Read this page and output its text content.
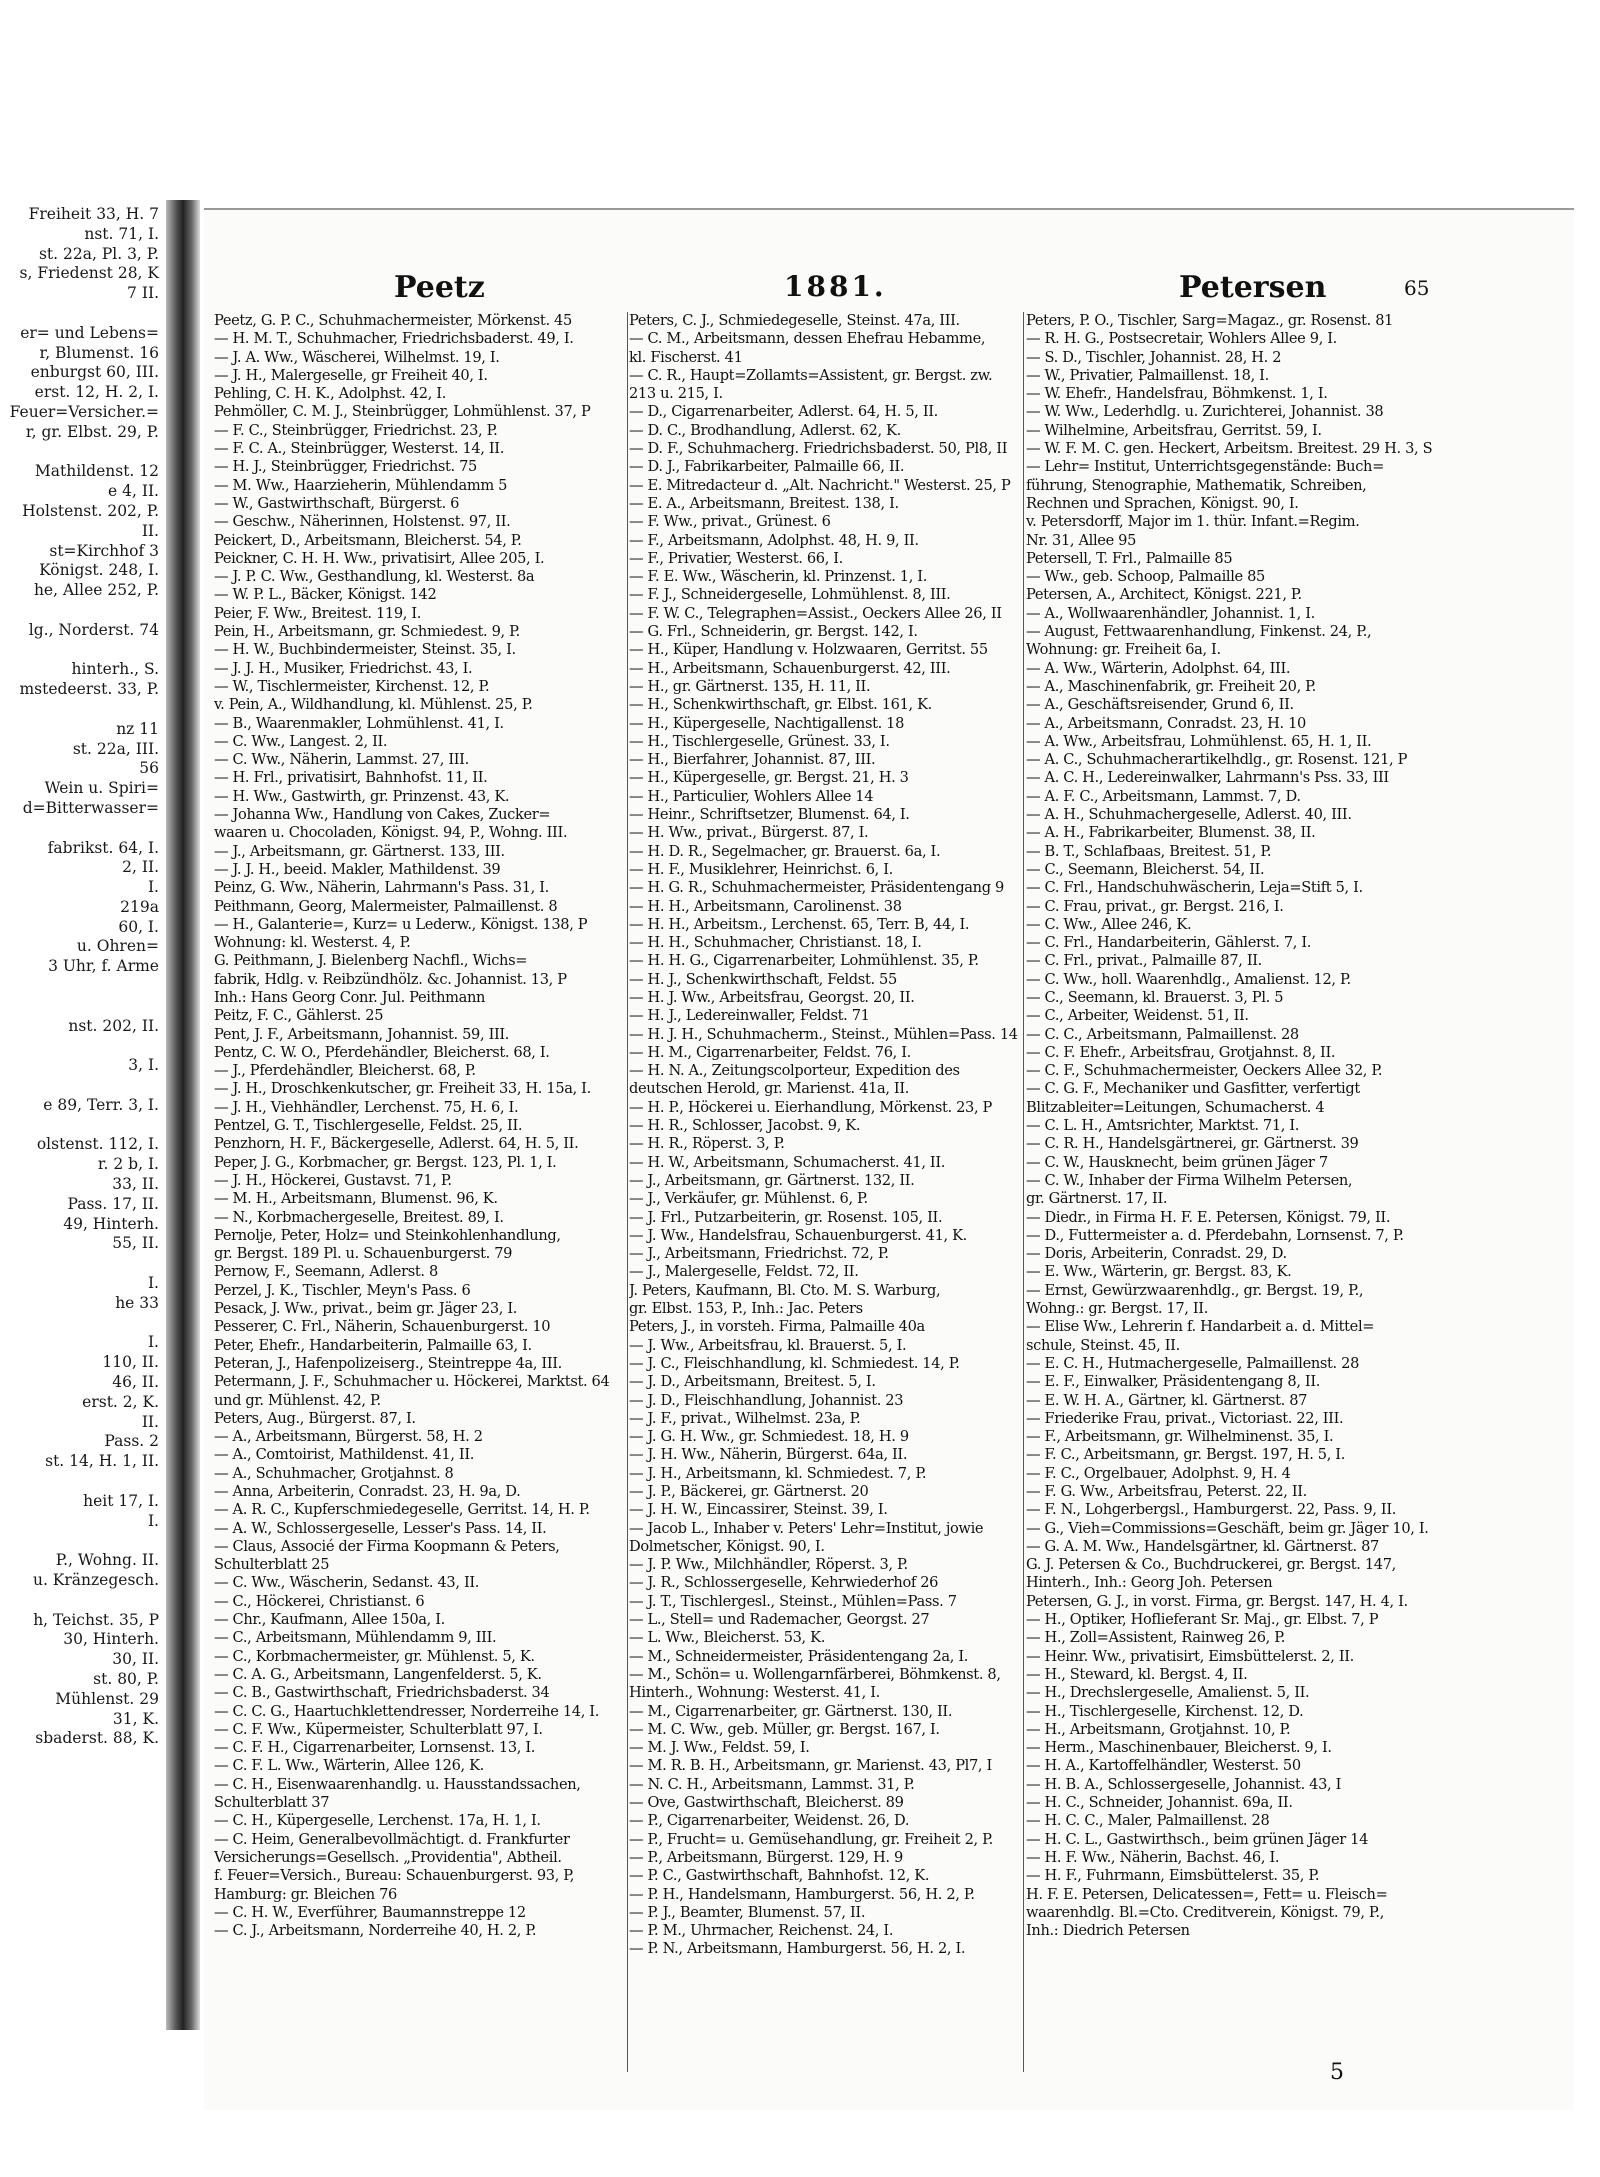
Freiheit 33, H. 7
nst. 71, I.
st. 22a, Pl. 3, P.
s, Friedenst 28, K
7 II.

er= und Lebens=
r, Blumenst. 16
enburgst 60, III.
erst. 12, H. 2, I.
Feuer=Versicher.=
r, gr. Elbst. 29, P.

Mathildenst. 12
e 4, II.
Holstenst. 202, P.
II.
st=Kirchhof 3
Königst. 248, I.
he, Allee 252, P.

lg., Norderst. 74

hinterh., S.
mstedeerst. 33, P.

nz 11
st. 22a, III.
56
Wein u. Spiri=
d=Bitterwasser=

fabrikst. 64, I.
2, II.
I.
219a
60, I.
u. Ohren=
3 Uhr, f. Arme

nst. 202, II.

3, I.

e 89, Terr. 3, I.

olstenst. 112, I.
r. 2 b, I.
33, II.
Pass. 17, II.
49, Hinterh.
55, II.

I.
he 33

I.
110, II.
46, II.
erst. 2, K.
II.
Pass. 2
st. 14, H. 1, II.

heit 17, I.
I.

P., Wohng. II.
u. Kränzegesch.

h, Teichst. 35, P
30, Hinterh.
30, II.
st. 80, P.
Mühlenst. 29
31, K.
sbaderst. 88, K.
Peetz	1881.	Petersen	65
Peetz, G. P. C., Schuhmachermeister, Mörkenst. 45
— H. M. T., Schuhmacher, Friedrichsbaderst. 49, I.
— J. A. Ww., Wäscherei, Wilhelmst. 19, I.
— J. H., Malergeselle, gr Freiheit 40, I.
Pehling, C. H. K., Adolphst. 42, I.
Pehmöller, C. M. J., Steinbrügger, Lohmühlenst. 37, P
— F. C., Steinbrügger, Friedrichst. 23, P.
— F. C. A., Steinbrügger, Westerst. 14, II.
— H. J., Steinbrügger, Friedrichst. 75
— M. Ww., Haarzieherin, Mühlendamm 5
— W., Gastwirthschaft, Bürgerst. 6
— Geschw., Näherinnen, Holstenst. 97, II.
Peickert, D., Arbeitsmann, Bleicherst. 54, P.
Peickner, C. H. H. Ww., privatisirt, Allee 205, I.
— J. P. C. Ww., Gesthandlung, kl. Westerst. 8a
— W. P. L., Bäcker, Königst. 142
Peier, F. Ww., Breitest. 119, I.
Pein, H., Arbeitsmann, gr. Schmiedest. 9, P.
— H. W., Buchbindermeister, Steinst. 35, I.
— J. J. H., Musiker, Friedrichst. 43, I.
— W., Tischlermeister, Kirchenst. 12, P.
v. Pein, A., Wildhandlung, kl. Mühlenst. 25, P.
— B., Waarenmakler, Lohmühlenst. 41, I.
— C. Ww., Langest. 2, II.
— C. Ww., Näherin, Lammst. 27, III.
— H. Frl., privatisirt, Bahnhofst. 11, II.
— H. Ww., Gastwirth, gr. Prinzenst. 43, K.
— Johanna Ww., Handlung von Cakes, Zucker=
waaren u. Chocoladen, Königst. 94, P., Wohng. III.
— J., Arbeitsmann, gr. Gärtnerst. 133, III.
— J. J. H., beeid. Makler, Mathildenst. 39
Peinz, G. Ww., Näherin, Lahrmann's Pass. 31, I.
Peithmann, Georg, Malermeister, Palmaillenst. 8
— H., Galanterie=, Kurz= u Lederw., Königst. 138, P
Wohnung: kl. Westerst. 4, P.
G. Peithmann, J. Bielenberg Nachfl., Wichs=
fabrik, Hdlg. v. Reibzündhölz. &c. Johannist. 13, P
Inh.: Hans Georg Conr. Jul. Peithmann
Peitz, F. C., Gählerst. 25
Pent, J. F., Arbeitsmann, Johannist. 59, III.
Pentz, C. W. O., Pferdehändler, Bleicherst. 68, I.
— J., Pferdehändler, Bleicherst. 68, P.
— J. H., Droschkenkutscher, gr. Freiheit 33, H. 15a, I.
— J. H., Viehhändler, Lerchenst. 75, H. 6, I.
Pentzel, G. T., Tischlergeselle, Feldst. 25, II.
Penzhorn, H. F., Bäckergeselle, Adlerst. 64, H. 5, II.
Peper, J. G., Korbmacher, gr. Bergst. 123, Pl. 1, I.
— J. H., Höckerei, Gustavst. 71, P.
— M. H., Arbeitsmann, Blumenst. 96, K.
— N., Korbmachergeselle, Breitest. 89, I.
Pernolje, Peter, Holz= und Steinkohlenhandlung,
gr. Bergst. 189 Pl. u. Schauenburgerst. 79
Pernow, F., Seemann, Adlerst. 8
Perzel, J. K., Tischler, Meyn's Pass. 6
Pesack, J. Ww., privat., beim gr. Jäger 23, I.
Pesserer, C. Frl., Näherin, Schauenburgerst. 10
Peter, Ehefr., Handarbeiterin, Palmaille 63, I.
Peteran, J., Hafenpolizeiserg., Steintreppe 4a, III.
Petermann, J. F., Schuhmacher u. Höckerei, Marktst. 64
und gr. Mühlenst. 42, P.
Peters, Aug., Bürgerst. 87, I.
— A., Arbeitsmann, Bürgerst. 58, H. 2
— A., Comtoirist, Mathildenst. 41, II.
— A., Schuhmacher, Grotjahnst. 8
— Anna, Arbeiterin, Conradst. 23, H. 9a, D.
— A. R. C., Kupferschmiedegeselle, Gerritst. 14, H. P.
— A. W., Schlossergeselle, Lesser's Pass. 14, II.
— Claus, Associé der Firma Koopmann & Peters,
Schulterblatt 25
— C. Ww., Wäscherin, Sedanst. 43, II.
— C., Höckerei, Christianst. 6
— Chr., Kaufmann, Allee 150a, I.
— C., Arbeitsmann, Mühlendamm 9, III.
— C., Korbmachermeister, gr. Mühlenst. 5, K.
— C. A. G., Arbeitsmann, Langenfelderst. 5, K.
— C. B., Gastwirthschaft, Friedrichsbaderst. 34
— C. C. G., Haartuchklettendresser, Norderreihe 14, I.
— C. F. Ww., Küpermeister, Schulterblatt 97, I.
— C. F. H., Cigarrenarbeiter, Lornsenst. 13, I.
— C. F. L. Ww., Wärterin, Allee 126, K.
— C. H., Eisenwaarenhandlg. u. Hausstandssachen,
Schulterblatt 37
— C. H., Küpergeselle, Lerchenst. 17a, H. 1, I.
— C. Heim, Generalbevollmächtigt. d. Frankfurter
Versicherungs=Gesellsch. „Providentia", Abtheil.
f. Feuer=Versich., Bureau: Schauenburgerst. 93, P,
Hamburg: gr. Bleichen 76
— C. H. W., Everführer, Baumannstreppe 12
— C. J., Arbeitsmann, Norderreihe 40, H. 2, P.
Peters, C. J., Schmiedegeselle, Steinst. 47a, III.
— C. M., Arbeitsmann, dessen Ehefrau Hebamme,
kl. Fischerst. 41
— C. R., Haupt=Zollamts=Assistent, gr. Bergst. zw.
213 u. 215, I.
— D., Cigarrenarbeiter, Adlerst. 64, H. 5, II.
— D. C., Brodhandlung, Adlerst. 62, K.
— D. F., Schuhmacherg. Friedrichsbaderst. 50, Pl8, II
— D. J., Fabrikarbeiter, Palmaille 66, II.
— E. Mitredacteur d. „Alt. Nachricht." Westerst. 25, P
— E. A., Arbeitsmann, Breitest. 138, I.
— F. Ww., privat., Grünest. 6
— F., Arbeitsmann, Adolphst. 48, H. 9, II.
— F., Privatier, Westerst. 66, I.
— F. E. Ww., Wäscherin, kl. Prinzenst. 1, I.
— F. J., Schneidergeselle, Lohmühlenst. 8, III.
— F. W. C., Telegraphen=Assist., Oeckers Allee 26, II
— G. Frl., Schneiderin, gr. Bergst. 142, I.
— H., Küper, Handlung v. Holzwaaren, Gerritst. 55
— H., Arbeitsmann, Schauenburgerst. 42, III.
— H., gr. Gärtnerst. 135, H. 11, II.
— H., Schenkwirthschaft, gr. Elbst. 161, K.
— H., Küpergeselle, Nachtigallenst. 18
— H., Tischlergeselle, Grünest. 33, I.
— H., Bierfahrer, Johannist. 87, III.
— H., Küpergeselle, gr. Bergst. 21, H. 3
— H., Particulier, Wohlers Allee 14
— Heinr., Schriftsetzer, Blumenst. 64, I.
— H. Ww., privat., Bürgerst. 87, I.
— H. D. R., Segelmacher, gr. Brauerst. 6a, I.
— H. F., Musiklehrer, Heinrichst. 6, I.
— H. G. R., Schuhmachermeister, Präsidentengang 9
— H. H., Arbeitsmann, Carolinenst. 38
— H. H., Arbeitsm., Lerchenst. 65, Terr. B, 44, I.
— H. H., Schuhmacher, Christianst. 18, I.
— H. H. G., Cigarrenarbeiter, Lohmühlenst. 35, P.
— H. J., Schenkwirthschaft, Feldst. 55
— H. J. Ww., Arbeitsfrau, Georgst. 20, II.
— H. J., Ledereinwaller, Feldst. 71
— H. J. H., Schuhmacherm., Steinst., Mühlen=Pass. 14
— H. M., Cigarrenarbeiter, Feldst. 76, I.
— H. N. A., Zeitungscolporteur, Expedition des
deutschen Herold, gr. Marienst. 41a, II.
— H. P., Höckerei u. Eierhandlung, Mörkenst. 23, P
— H. R., Schlosser, Jacobst. 9, K.
— H. R., Röperst. 3, P.
— H. W., Arbeitsmann, Schumacherst. 41, II.
— J., Arbeitsmann, gr. Gärtnerst. 132, II.
— J., Verkäufer, gr. Mühlenst. 6, P.
— J. Frl., Putzarbeiterin, gr. Rosenst. 105, II.
— J. Ww., Handelsfrau, Schauenburgerst. 41, K.
— J., Arbeitsmann, Friedrichst. 72, P.
— J., Malergeselle, Feldst. 72, II.
J. Peters, Kaufmann, Bl. Cto. M. S. Warburg,
gr. Elbst. 153, P., Inh.: Jac. Peters
Peters, J., in vorsteh. Firma, Palmaille 40a
— J. Ww., Arbeitsfrau, kl. Brauerst. 5, I.
— J. C., Fleischhandlung, kl. Schmiedest. 14, P.
— J. D., Arbeitsmann, Breitest. 5, I.
— J. D., Fleischhandlung, Johannist. 23
— J. F., privat., Wilhelmst. 23a, P.
— J. G. H. Ww., gr. Schmiedest. 18, H. 9
— J. H. Ww., Näherin, Bürgerst. 64a, II.
— J. H., Arbeitsmann, kl. Schmiedest. 7, P.
— J. P., Bäckerei, gr. Gärtnerst. 20
— J. H. W., Eincassirer, Steinst. 39, I.
— Jacob L., Inhaber v. Peters' Lehr=Institut, jowie
Dolmetscher, Königst. 90, I.
— J. P. Ww., Milchhändler, Röperst. 3, P.
— J. R., Schlossergeselle, Kehrwiederhof 26
— J. T., Tischlergesl., Steinst., Mühlen=Pass. 7
— L., Stell= und Rademacher, Georgst. 27
— L. Ww., Bleicherst. 53, K.
— M., Schneidermeister, Präsidentengang 2a, I.
— M., Schön= u. Wollengarnfärberei, Böhmkenst. 8,
Hinterh., Wohnung: Westerst. 41, I.
— M., Cigarrenarbeiter, gr. Gärtnerst. 130, II.
— M. C. Ww., geb. Müller, gr. Bergst. 167, I.
— M. J. Ww., Feldst. 59, I.
— M. R. B. H., Arbeitsmann, gr. Marienst. 43, Pl7, I
— N. C. H., Arbeitsmann, Lammst. 31, P.
— Ove, Gastwirthschaft, Bleicherst. 89
— P., Cigarrenarbeiter, Weidenst. 26, D.
— P., Frucht= u. Gemüsehandlung, gr. Freiheit 2, P.
— P., Arbeitsmann, Bürgerst. 129, H. 9
— P. C., Gastwirthschaft, Bahnhofst. 12, K.
— P. H., Handelsmann, Hamburgerst. 56, H. 2, P.
— P. J., Beamter, Blumenst. 57, II.
— P. M., Uhrmacher, Reichenst. 24, I.
— P. N., Arbeitsmann, Hamburgerst. 56, H. 2, I.
Peters, P. O., Tischler, Sarg=Magaz., gr. Rosenst. 81
— R. H. G., Postsecretair, Wohlers Allee 9, I.
— S. D., Tischler, Johannist. 28, H. 2
— W., Privatier, Palmaillenst. 18, I.
— W. Ehefr., Handelsfrau, Böhmkenst. 1, I.
— W. Ww., Lederhdlg. u. Zurichterei, Johannist. 38
— Wilhelmine, Arbeitsfrau, Gerritst. 59, I.
— W. F. M. C. gen. Heckert, Arbeitsm. Breitest. 29 H. 3, S
— Lehr= Institut, Unterrichtsgegenstände: Buch=
führung, Stenographie, Mathematik, Schreiben,
Rechnen und Sprachen, Königst. 90, I.
v. Petersdorff, Major im 1. thür. Infant.=Regim.
Nr. 31, Allee 95
Petersell, T. Frl., Palmaille 85
— Ww., geb. Schoop, Palmaille 85
Petersen, A., Architect, Königst. 221, P.
— A., Wollwaarenhändler, Johannist. 1, I.
— August, Fettwaarenhandlung, Finkenst. 24, P.,
Wohnung: gr. Freiheit 6a, I.
— A. Ww., Wärterin, Adolphst. 64, III.
— A., Maschinenfabrik, gr. Freiheit 20, P.
— A., Geschäftsreisender, Grund 6, II.
— A., Arbeitsmann, Conradst. 23, H. 10
— A. Ww., Arbeitsfrau, Lohmühlenst. 65, H. 1, II.
— A. C., Schuhmacherartikelhdlg., gr. Rosenst. 121, P
— A. C. H., Ledereinwalker, Lahrmann's Pss. 33, III
— A. F. C., Arbeitsmann, Lammst. 7, D.
— A. H., Schuhmachergeselle, Adlerst. 40, III.
— A. H., Fabrikarbeiter, Blumenst. 38, II.
— B. T., Schlafbaas, Breitest. 51, P.
— C., Seemann, Bleicherst. 54, II.
— C. Frl., Handschuhwäscherin, Leja=Stift 5, I.
— C. Frau, privat., gr. Bergst. 216, I.
— C. Ww., Allee 246, K.
— C. Frl., Handarbeiterin, Gählerst. 7, I.
— C. Frl., privat., Palmaille 87, II.
— C. Ww., holl. Waarenhdlg., Amalienst. 12, P.
— C., Seemann, kl. Brauerst. 3, Pl. 5
— C., Arbeiter, Weidenst. 51, II.
— C. C., Arbeitsmann, Palmaillenst. 28
— C. F. Ehefr., Arbeitsfrau, Grotjahnst. 8, II.
— C. F., Schuhmachermeister, Oeckers Allee 32, P.
— C. G. F., Mechaniker und Gasfitter, verfertigt
Blitzableiter=Leitungen, Schumacherst. 4
— C. L. H., Amtsrichter, Marktst. 71, I.
— C. R. H., Handelsgärtnerei, gr. Gärtnerst. 39
— C. W., Hausknecht, beim grünen Jäger 7
— C. W., Inhaber der Firma Wilhelm Petersen,
gr. Gärtnerst. 17, II.
— Diedr., in Firma H. F. E. Petersen, Königst. 79, II.
— D., Futtermeister a. d. Pferdebahn, Lornsenst. 7, P.
— Doris, Arbeiterin, Conradst. 29, D.
— E. Ww., Wärterin, gr. Bergst. 83, K.
— Ernst, Gewürzwaarenhdlg., gr. Bergst. 19, P.,
Wohng.: gr. Bergst. 17, II.
— Elise Ww., Lehrerin f. Handarbeit a. d. Mittel=
schule, Steinst. 45, II.
— E. C. H., Hutmachergeselle, Palmaillenst. 28
— E. F., Einwalker, Präsidentengang 8, II.
— E. W. H. A., Gärtner, kl. Gärtnerst. 87
— Friederike Frau, privat., Victoriast. 22, III.
— F., Arbeitsmann, gr. Wilhelminenst. 35, I.
— F. C., Arbeitsmann, gr. Bergst. 197, H. 5, I.
— F. C., Orgelbauer, Adolphst. 9, H. 4
— F. G. Ww., Arbeitsfrau, Peterst. 22, II.
— F. N., Lohgerbergsl., Hamburgerst. 22, Pass. 9, II.
— G., Vieh=Commissions=Geschäft, beim gr. Jäger 10, I.
— G. A. M. Ww., Handelsgärtner, kl. Gärtnerst. 87
G. J. Petersen & Co., Buchdruckerei, gr. Bergst. 147,
Hinterh., Inh.: Georg Joh. Petersen
Petersen, G. J., in vorst. Firma, gr. Bergst. 147, H. 4, I.
— H., Optiker, Hoflieferant Sr. Maj., gr. Elbst. 7, P
— H., Zoll=Assistent, Rainweg 26, P.
— Heinr. Ww., privatisirt, Eimsbüttelerst. 2, II.
— H., Steward, kl. Bergst. 4, II.
— H., Drechslergeselle, Amalienst. 5, II.
— H., Tischlergeselle, Kirchenst. 12, D.
— H., Arbeitsmann, Grotjahnst. 10, P.
— Herm., Maschinenbauer, Bleicherst. 9, I.
— H. A., Kartoffelhändler, Westerst. 50
— H. B. A., Schlossergeselle, Johannist. 43, I
— H. C., Schneider, Johannist. 69a, II.
— H. C. C., Maler, Palmaillenst. 28
— H. C. L., Gastwirthsch., beim grünen Jäger 14
— H. F. Ww., Näherin, Bachst. 46, I.
— H. F., Fuhrmann, Eimsbüttelerst. 35, P.
H. F. E. Petersen, Delicatessen=, Fett= u. Fleisch=
waarenhdlg. Bl.=Cto. Creditverein, Königst. 79, P.,
Inh.: Diedrich Petersen
5
